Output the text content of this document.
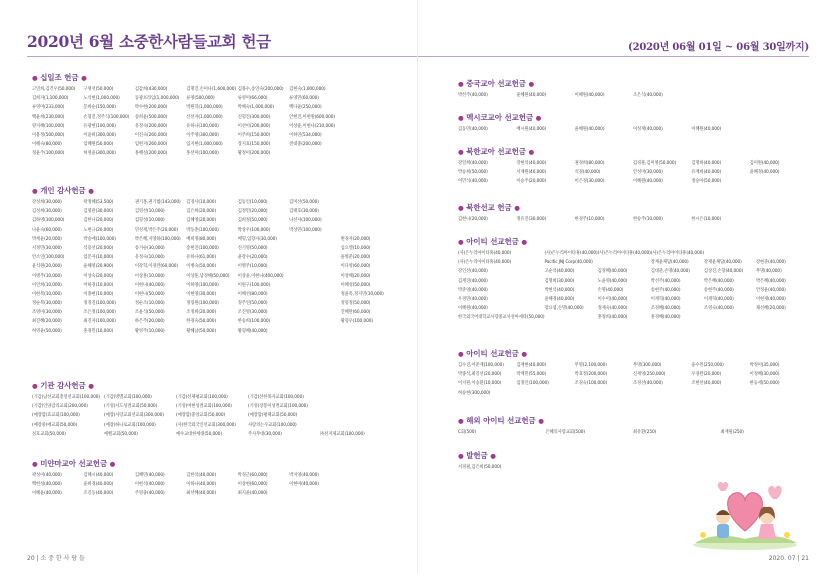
2020년 6월 소중한사람들교회 헌금
● 십일조 헌금 ●
고연희,김건우(50,000)	구영선(50,000)	김감희(430,000)	김명진,손미나(1,600,000) 김몽수,송연숙(200,000)	김현숙(1,000,000)
김희자(1,100,000)	노석현(1,000,000)	동광프라임(1,000,000)	류영(500,000)	류영미(66,000)	류영민(60,000)
류영미(233,000)	문희순(150,000)	박수현(200,000)	박원학(1,000,000)	박혜숙(1,000,000)	백다윤(250,000)
백윤희(230,000)	손형진,정주식(100,000)	송희윤(500,000)	신선자(1,000,000)	신형진(300,000)	안현진,이현원(600,000)
양지혜(100,000)	유광현(100,000)	유정숙(200,000)	유하나(100,000)	이선이(200,000)	이상윤,이현나(210,000)
이용정(500,000)	이윤희(300,000)	이진숙(260,000)	이주영(300,000)	이주희(150,000)	이하연(534,000)
이혜숙(80,000)	임혜원(50,000)	임현지(260,000)	임지현(1,000,000)	장지효(150,000)	전대중(200,000)
정윤주(100,000)	허영윤(300,000)	홍혜실(200,000)	홍선미(100,000)	황정미(200,000)
● 개인 감사헌금 ●
강성희(30,000)	곽정혜(53,500)	권기홍,권기범(143,000)	김경사(10,000)	김동인(10,000)	김미선(50,000)
김성희(30,000)	김영관(30,000)	김영선(10,000)	김은희(20,000)	김정민(20,000)	김태호(30,000)
김하영(100,000)	김한나(20,000)	김형성(10,000)	김혜영(20,000)	김희정(50,000)	나선자(100,000)
나윤숙(60,000)	노현규(20,000)	민성재,박은주(20,000)	박동춘(100,000)	박상우(100,000)	박상민(100,000)
박세윤(20,000)	박승애(100,000)	박은혜,지영하(100,000)	배희정(80,000)	배형,임향자(30,000)	변경자(20,000)
서정민(30,000)	석용선(20,000)	송겨순(30,000)	송현진(100,000)	신기영(50,000)	심요엘(10,000)
안소연(100,000)	엄문자(10,000)	유정숙(10,000)	유하나(61,000)	윤강수(20,000)	윤병준(20,000)
윤석원(20,000)	윤해영(20,900)	이강혁,이경란(60,000)	이병숙(50,000)	이병주(10,000)	이다영(60,000)
이병주(10,000)	이상숙(20,000)	이상훈(10,000)	이상훈,남경해(50,000)	이상윤,이현나(400,000)	이상해(20,000)
이연희(10,000)	이하경(10,000)	이현나(40,000)	이하영(100,000)	이원구(100,000)	이혜성(50,000)
이현복(10,000)	이종현(10,000)	이현나(50,000)	이현영(30,000)	이해선(80,000)	정윤옥,정지민(10,000)
정순복(30,000)	정경진(100,000)	정순조(10,000)	정형원(100,000)	정주연(50,000)	정형정(50,000)
조영미(30,000)	조은정(100,000)	조윤식(50,000)	조정희(20,000)	조진영(30,000)	진혜란(60,000)
최진혜(20,000)	최진자(100,000)	하은주(20,000)	한경숙(50,000)	한승희(100,000)	황형우(100,000)
허영윤(50,000)	홍경민(10,000)	황영주(10,000)	황혜남(50,000)	황형혜(40,000)
● 기관 감사헌금 ●
(기감)남선교회총연선교회(100,000) (기감)방멜교회(100,000)	(기감)선체평교회(100,000)	(기감)선한목자교회(100,000)
(기감)인양감리교회(200,000)	(기성)서도성결교회(50,000)	(기성)여현성결교회(100,000)	(기성)장봉이성결교회(100,000)
(예장합)효교회(100,000)	(예장)사랑교회선교회(300,000)	(예장합)중앙교회(50,000)	(예장합)평택교회(50,000)
(예장중)예교회(50,000)	(예장)하나로교회(100,000)	(사)한국외국인선교회(300,000)	사랑의는우교회(100,000)
성호교회(50,000)	에벨교회(50,000)	예수교대한세대(50,000)	주사무대(30,000)	㈜선저제교회(100,000)
● 미얀마교아 선교헌금 ●
곽성이(40,000)	김혜시(40,000)	김혜민(40,000)	김한석(40,000)	박경근(60,000)	박지영(40,000)
백헌성(40,000)	윤희경(40,000)	이현석(40,000)	이하나(40,000)	이상현(60,000)	이현아(40,000)
이혜윤(40,000)	조길동(40,000)	주영충(40,000)	최선혜(40,000)	최지윤(40,000)
20 | 소 중 한 사 람 들
(2020년 06월 01일 ~ 06월 30일까지)
● 중국교아 선교헌금 ●
박선주(40,000)	윤혜원(40,000)	이혜원(40,000)	조은식(40,000)
● 멕시코교아 선교헌금 ●
김동민(40,000)	배시원(40,000)	윤혜원(40,000)	이성재(40,000)	이혜원(40,000)
● 북한교아 선교헌금 ●
강일희(40,000)	강현의(40,000)	권경희(80,000)	김경훈,김미영(50,000)	김명희(40,000)	김미원(40,000)
박승희(50,000)	서재원(40,000)	석경(40,000)	안성미(30,000)	유재희(40,000)	윤혜경(40,000)
이민식(40,000)	이승주(20,000)	이은경(30,000)	이혜원(40,000)	정승아(50,000)
● 북한선교 헌금 ●
김현나(20,000)	정유진(30,000)	한경주(10,000)	한승주(10,000)	한시은(10,000)
● 아이티 선교헌금 ●
(사)은누리아이타휴(40,000)	(사)은누리아이타휴(40,000) (사)은누리아이타휴(40,000) (사)은누리아이타휴(40,000)
(사)은누리아이타휴(40,000)	Pacific JNJ Corp(40,000)	강재윤체담(40,000)	강재윤체담(40,000)	강현준(40,000)
강인선(40,000)	고순석(40,000)	김경혜(40,000)	김대준,손명(40,000)	김상진,손향(40,000)	무명(40,000)
김재진(40,000)	김명희(30,000)	노윤영(40,000)	박선주(40,000)	박은혜(40,000)	박은혜(40,000)
박준영(40,000)	박현석(40,000)	손명(40,000)	송현주(40,000)	송현주(40,000)	안정윤(40,000)
우경민(40,000)	윤혜경(40,000)	이수미(40,000)	이재혁(40,000)	이재혁(40,000)	이현재(40,000)
이혜원(40,000)	장요섭,손명(40,000)	정재숙(40,000)	조경혜(40,000)	조영숙(40,000)	채선혜(20,000)
한국외국어대학교사랑중교사성아세타(50,000)	홍정희(40,000)	홍경혜(40,000)
● 아이티 선교헌금 ●
김수진,이준재(100,000)	김재현(40,000)	무명(2,100,000)	무명(300,000)	윤수민(250,000)	박정미(35,000)
박종석,최길선(20,000)	박재민(55,000)	박효정(200,000)	신재영(250,000)	우경완(20,000)	이정혜(30,000)
이지원,이승환(10,000)	임정인(100,000)	조경숙(100,000)	조경선(40,000)	조현선(40,000)	한동세(50,000)
허승현(300,000)
● 해외 아이티 선교헌금 ●
C회(500)	은혜의사랑교회(500)	최유환(250)	최재필(250)
● 발헌금 ●
서경필,김은희(50,000)
2020. 07 | 21
